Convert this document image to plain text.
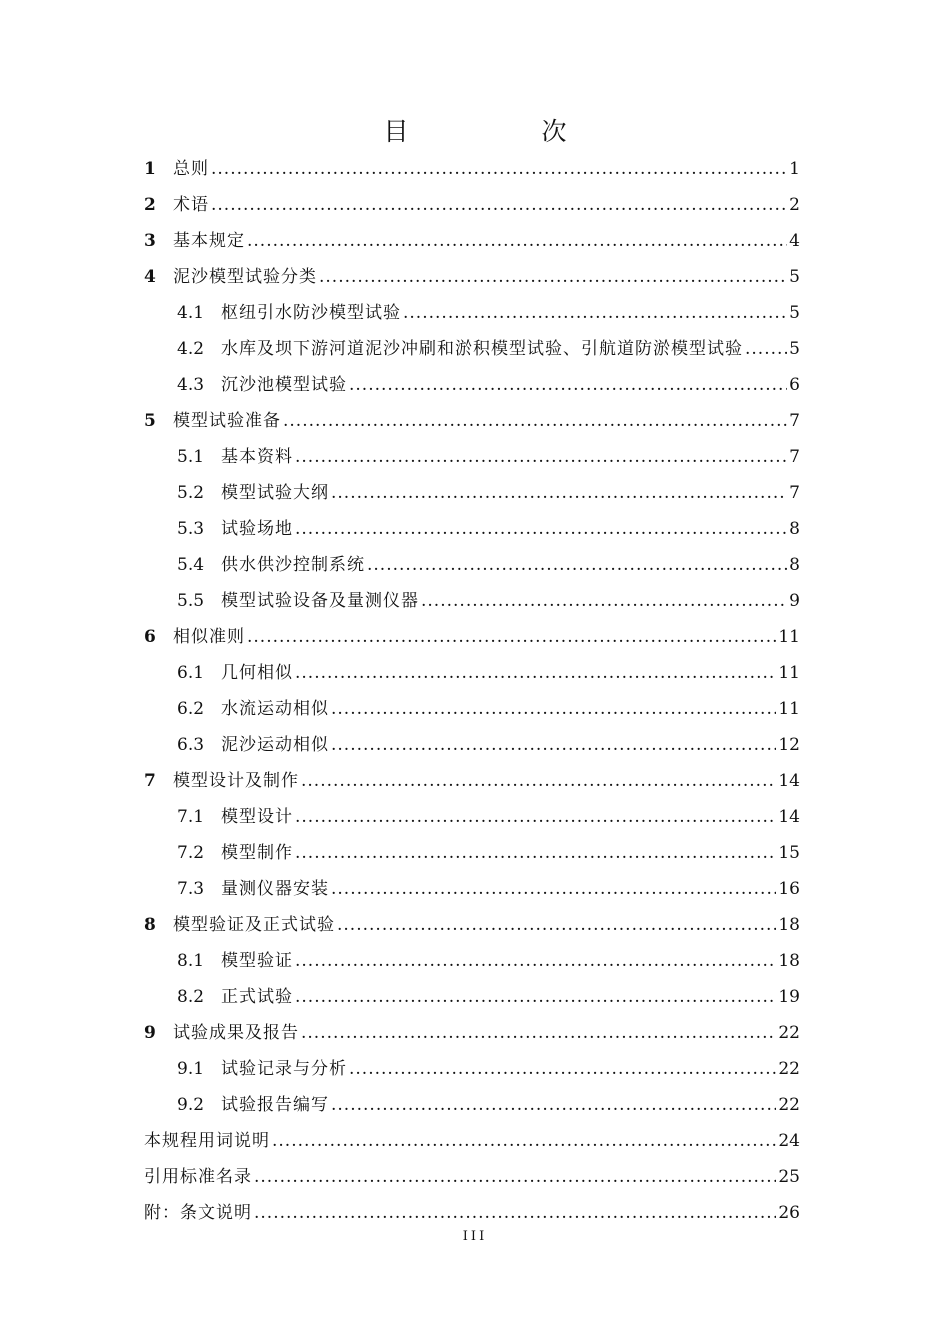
目　次
1	总则 .....	1
2	术语 .....	2
3	基本规定 .....	4
4	泥沙模型试验分类 .....	5
4.1 枢纽引水防沙模型试验 .....	5
4.2 水库及坝下游河道泥沙冲刷和淤积模型试验、引航道防淤模型试验 .....	5
4.3 沉沙池模型试验 .....	6
5	模型试验准备 .....	7
5.1 基本资料 .....	7
5.2 模型试验大纲 .....	7
5.3 试验场地 .....	8
5.4 供水供沙控制系统 .....	8
5.5 模型试验设备及量测仪器 .....	9
6	相似准则 .....	11
6.1 几何相似 .....	11
6.2 水流运动相似 .....	11
6.3 泥沙运动相似 .....	12
7	模型设计及制作 .....	14
7.1 模型设计 .....	14
7.2 模型制作 .....	15
7.3 量测仪器安装 .....	16
8	模型验证及正式试验 .....	18
8.1 模型验证 .....	18
8.2 正式试验 .....	19
9	试验成果及报告 .....	22
9.1 试验记录与分析 .....	22
9.2 试验报告编写 .....	22
本规程用词说明 .....	24
引用标准名录 .....	25
附：条文说明 .....	26
III
